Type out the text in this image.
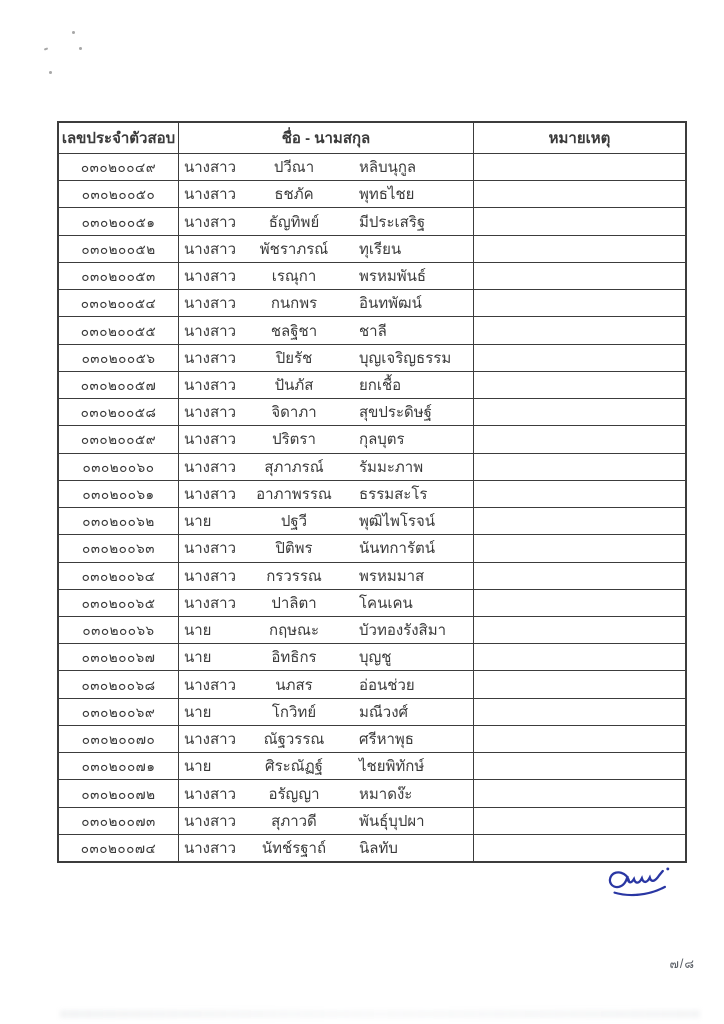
เลขประจำตัวสอบ	ชื่อ - นามสกุล	หมายเหตุ
๐๓๐๒๐๐๔๙	นางสาว	ปวีณา	หลิบนุกูล
๐๓๐๒๐๐๕๐	นางสาว	ธชภัค	พุทธไชย
๐๓๐๒๐๐๕๑	นางสาว	ธัญทิพย์	มีประเสริฐ
๐๓๐๒๐๐๕๒	นางสาว	พัชราภรณ์	ทุเรียน
๐๓๐๒๐๐๕๓	นางสาว	เรณุกา	พรหมพันธ์
๐๓๐๒๐๐๕๔	นางสาว	กนกพร	อินทพัฒน์
๐๓๐๒๐๐๕๕	นางสาว	ชลฐิชา	ชาลี
๐๓๐๒๐๐๕๖	นางสาว	ปิยรัช	บุญเจริญธรรม
๐๓๐๒๐๐๕๗	นางสาว	ปันภัส	ยกเชื้อ
๐๓๐๒๐๐๕๘	นางสาว	จิดาภา	สุขประดิษฐ์
๐๓๐๒๐๐๕๙	นางสาว	ปริตรา	กุลบุตร
๐๓๐๒๐๐๖๐	นางสาว	สุภาภรณ์	รัมมะภาพ
๐๓๐๒๐๐๖๑	นางสาว	อาภาพรรณ	ธรรมสะโร
๐๓๐๒๐๐๖๒	นาย	ปฐวี	พุฒิไพโรจน์
๐๓๐๒๐๐๖๓	นางสาว	ปิติพร	นันทการัตน์
๐๓๐๒๐๐๖๔	นางสาว	กรวรรณ	พรหมมาส
๐๓๐๒๐๐๖๕	นางสาว	ปาลิตา	โคนเคน
๐๓๐๒๐๐๖๖	นาย	กฤษณะ	บัวทองรังสิมา
๐๓๐๒๐๐๖๗	นาย	อิทธิกร	บุญชู
๐๓๐๒๐๐๖๘	นางสาว	นภสร	อ่อนช่วย
๐๓๐๒๐๐๖๙	นาย	โกวิทย์	มณีวงศ์
๐๓๐๒๐๐๗๐	นางสาว	ณัฐวรรณ	ศรีหาพุธ
๐๓๐๒๐๐๗๑	นาย	ศิระณัฏฐ์	ไชยพิทักษ์
๐๓๐๒๐๐๗๒	นางสาว	อรัญญา	หมาดง๊ะ
๐๓๐๒๐๐๗๓	นางสาว	สุภาวดี	พันธุ์บุปผา
๐๓๐๒๐๐๗๔	นางสาว	นัทช์รฐาถ์	นิลทับ
๗/๘
